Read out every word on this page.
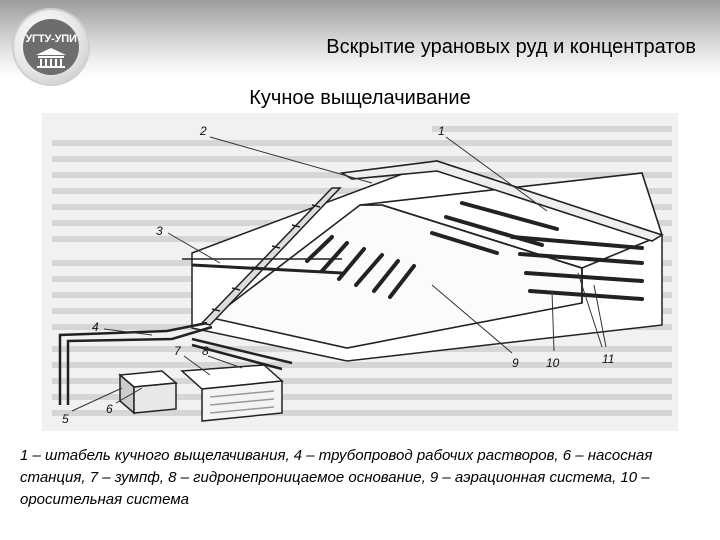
УГТУ-УПИ	Вскрытие урановых руд и концентратов
Кучное выщелачивание
2
3
1
4
7 8
5
6
9 10	11
1 – штабель кучного выщелачивания, 4 – трубопровод рабочих растворов, 6 – насосная станция, 7 – зумпф, 8 – гидронепроницаемое основание, 9 – аэрационная система, 10 – оросительная система
